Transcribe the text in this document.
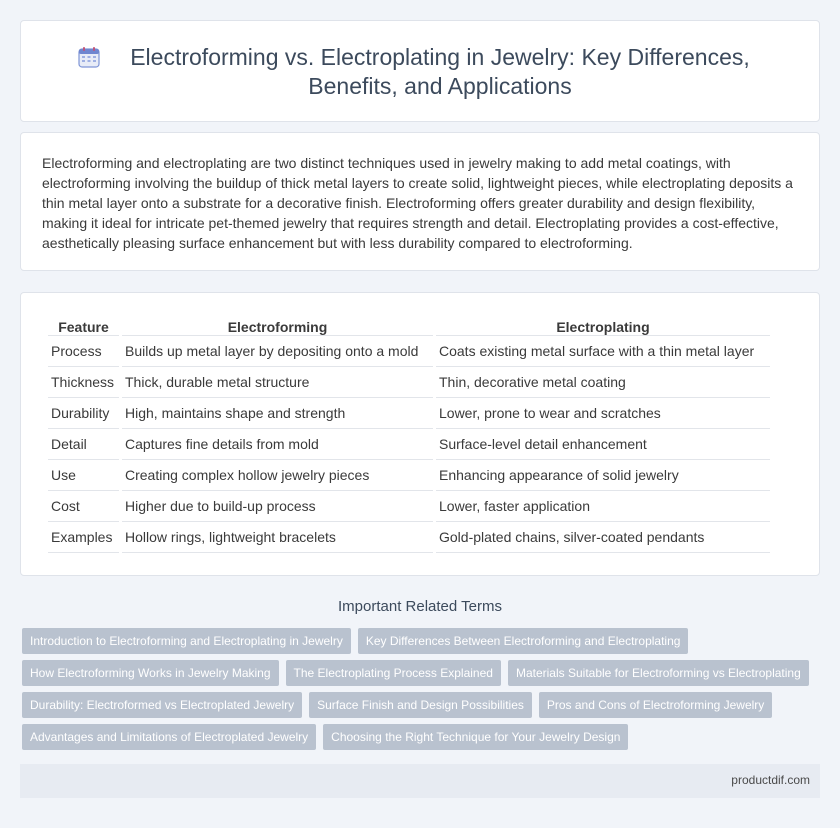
Electroforming vs. Electroplating in Jewelry: Key Differences, Benefits, and Applications

Electroforming and electroplating are two distinct techniques used in jewelry making to add metal coatings, with electroforming involving the buildup of thick metal layers to create solid, lightweight pieces, while electroplating deposits a thin metal layer onto a substrate for a decorative finish. Electroforming offers greater durability and design flexibility, making it ideal for intricate pet-themed jewelry that requires strength and detail. Electroplating provides a cost-effective, aesthetically pleasing surface enhancement but with less durability compared to electroforming.

Feature	Electroforming	Electroplating
Process	Builds up metal layer by depositing onto a mold	Coats existing metal surface with a thin metal layer
Thickness	Thick, durable metal structure	Thin, decorative metal coating
Durability	High, maintains shape and strength	Lower, prone to wear and scratches
Detail	Captures fine details from mold	Surface-level detail enhancement
Use	Creating complex hollow jewelry pieces	Enhancing appearance of solid jewelry
Cost	Higher due to build-up process	Lower, faster application
Examples	Hollow rings, lightweight bracelets	Gold-plated chains, silver-coated pendants
Important Related Terms
Introduction to Electroforming and Electroplating in Jewelry	Key Differences Between Electroforming and Electroplating
How Electroforming Works in Jewelry Making	The Electroplating Process Explained	Materials Suitable for Electroforming vs Electroplating
Durability: Electroformed vs Electroplated Jewelry	Surface Finish and Design Possibilities	Pros and Cons of Electroforming Jewelry
Advantages and Limitations of Electroplated Jewelry	Choosing the Right Technique for Your Jewelry Design
productdif.com
